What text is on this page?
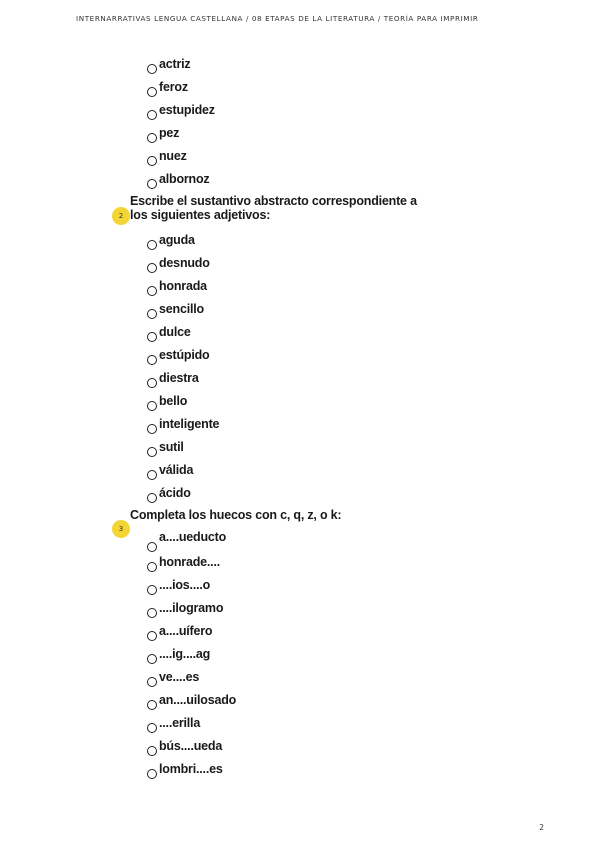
INTERNARRATIVAS LENGUA CASTELLANA / 08 ETAPAS DE LA LITERATURA / TEORÍA PARA IMPRIMIR
actriz
feroz
estupidez
pez
nuez
albornoz
2
Escribe el sustantivo abstracto correspondiente a los siguientes adjetivos:
aguda
desnudo
honrada
sencillo
dulce
estúpido
diestra
bello
inteligente
sutil
válida
ácido
3
Completa los huecos con c, q, z, o k:
a....ueducto
honrade....
....ios....o
....ilogramo
a....uífero
....ig....ag
ve....es
an....uilosado
....erilla
bús....ueda
lombri....es
2
